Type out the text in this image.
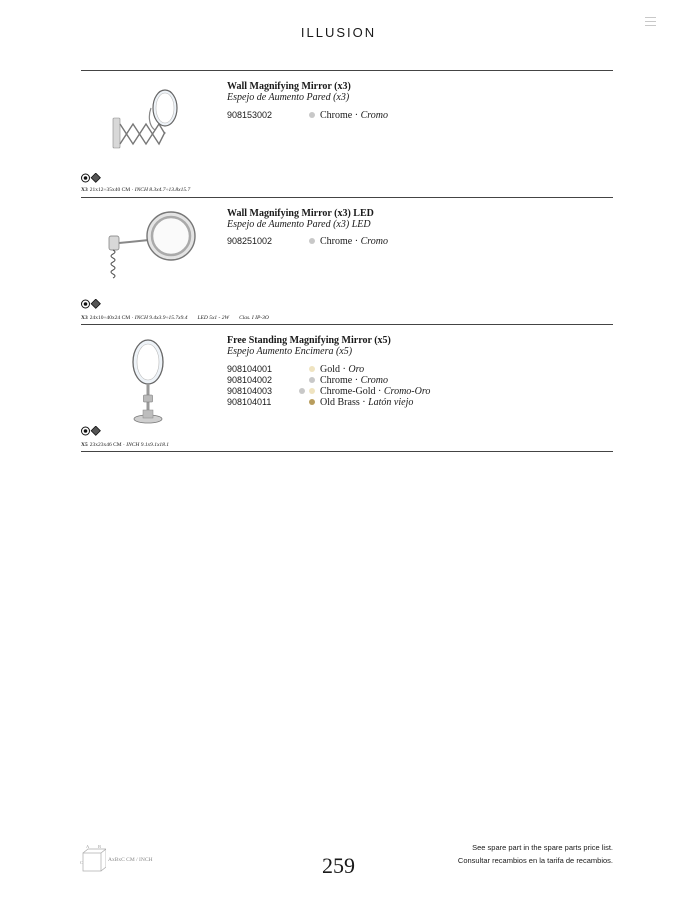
ILLUSION
Wall Magnifying Mirror (x3)
Espejo de Aumento Pared (x3)
908153002	Chrome · Cromo
X3 21x12÷35x40 CM · INCH 8.3x4.7÷13.8x15.7
Wall Magnifying Mirror (x3) LED
Espejo de Aumento Pared (x3) LED
908251002	Chrome · Cromo
X3 24x10÷40x24 CM · INCH 9.4x3.9÷15.7x9.4 LED 5x1 - 2W Clas. I IP-3O
Free Standing Magnifying Mirror (x5)
Espejo Aumento Encimera (x5)
908104001	Gold · Oro
908104002	Chrome · Cromo
908104003	Chrome-Gold · Cromo-Oro
908104011	Old Brass · Latón viejo
X5 23x23x46 CM · INCH 9.1x9.1x18.1
A B
C	AxBxC CM / INCH	259
See spare part in the spare parts price list.
Consultar recambios en la tarifa de recambios.
